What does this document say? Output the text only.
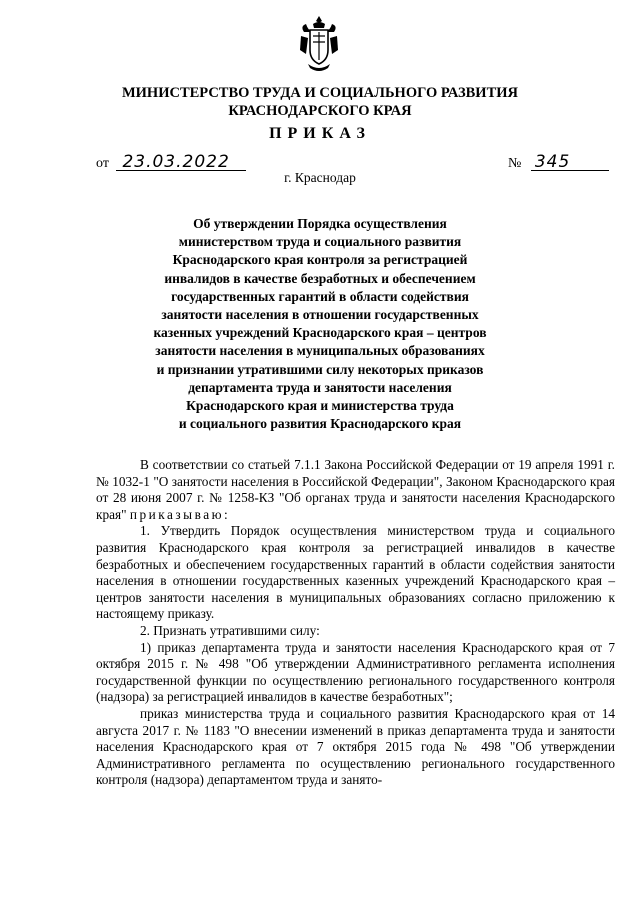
МИНИСТЕРСТВО ТРУДА И СОЦИАЛЬНОГО РАЗВИТИЯ
КРАСНОДАРСКОГО КРАЯ
ПРИКАЗ
от 23.03.2022	№ 345
г. Краснодар
Об утверждении Порядка осуществления
министерством труда и социального развития
Краснодарского края контроля за регистрацией
инвалидов в качестве безработных и обеспечением
государственных гарантий в области содействия
занятости населения в отношении государственных
казенных учреждений Краснодарского края – центров
занятости населения в муниципальных образованиях
и признании утратившими силу некоторых приказов
департамента труда и занятости населения
Краснодарского края и министерства труда
и социального развития Краснодарского края

В соответствии со статьей 7.1.1 Закона Российской Федерации от 19 апреля 1991 г. № 1032-1 "О занятости населения в Российской Федерации", Законом Краснодарского края от 28 июня 2007 г. № 1258-КЗ "Об органах труда и занятости населения Краснодарского края" приказываю:

1. Утвердить Порядок осуществления министерством труда и социального развития Краснодарского края контроля за регистрацией инвалидов в качестве безработных и обеспечением государственных гарантий в области содействия занятости населения в отношении государственных казенных учреждений Краснодарского края – центров занятости населения в муниципальных образованиях согласно приложению к настоящему приказу.

2. Признать утратившими силу:

1) приказ департамента труда и занятости населения Краснодарского края от 7 октября 2015 г. № 498 "Об утверждении Административного регламента исполнения государственной функции по осуществлению регионального государственного контроля (надзора) за регистрацией инвалидов в качестве безработных";

приказ министерства труда и социального развития Краснодарского края от 14 августа 2017 г. № 1183 "О внесении изменений в приказ департамента труда и занятости населения Краснодарского края от 7 октября 2015 года № 498 "Об утверждении Административного регламента по осуществлению регионального государственного контроля (надзора) департаментом труда и занято-
